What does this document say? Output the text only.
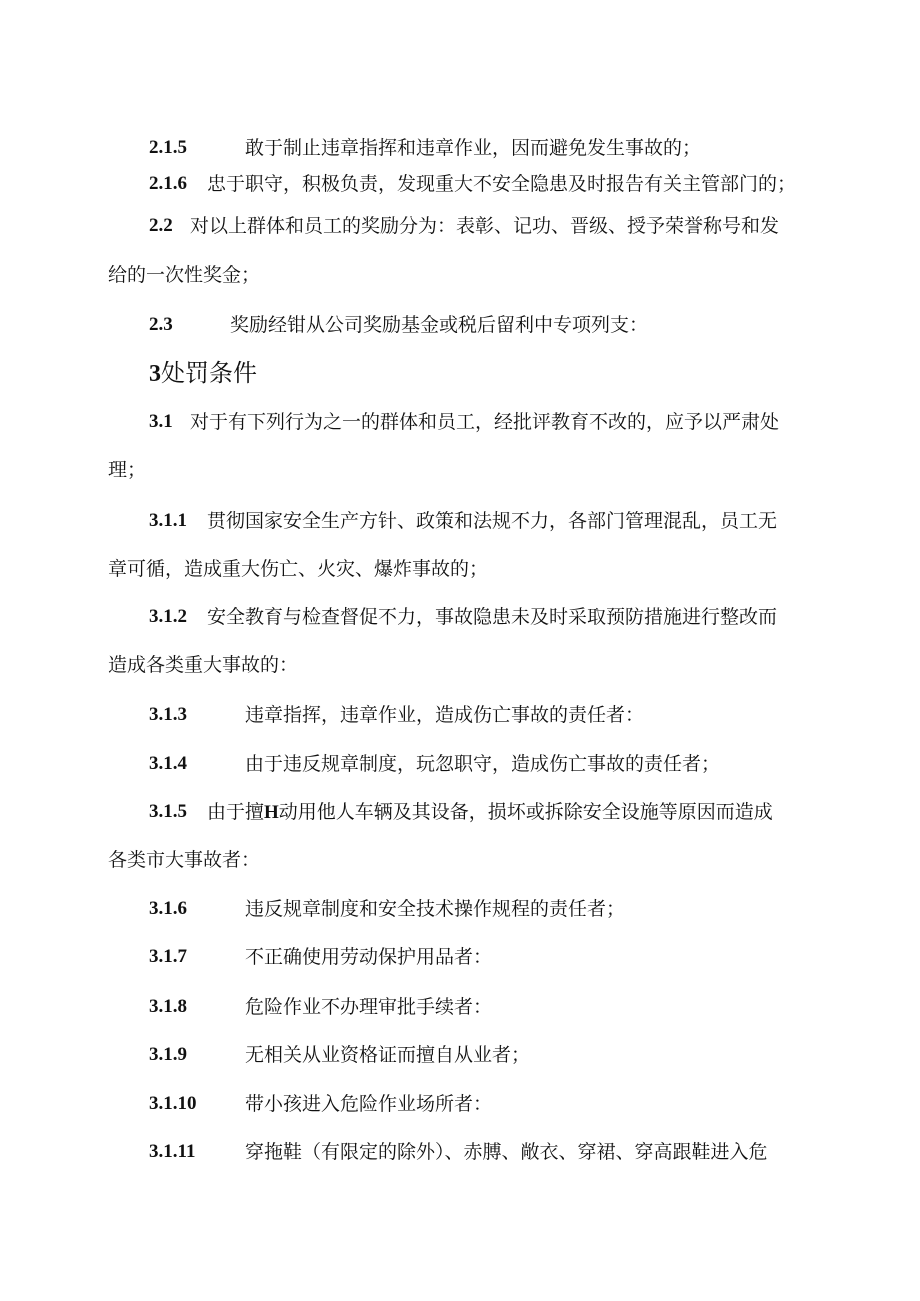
2.1.5	敢于制止违章指挥和违章作业，因而避免发生事故的；
2.1.6 忠于职守，积极负责，发现重大不安全隐患及时报告有关主管部门的；
2.2 对以上群体和员工的奖励分为：表彰、记功、晋级、授予荣誉称号和发
给的一次性奖金；
2.3	奖励经钳从公司奖励基金或税后留利中专项列支：
3处罚条件
3.1 对于有下列行为之一的群体和员工，经批评教育不改的，应予以严肃处
理；
3.1.1 贯彻国家安全生产方针、政策和法规不力，各部门管理混乱，员工无
章可循，造成重大伤亡、火灾、爆炸事故的；
3.1.2 安全教育与检查督促不力，事故隐患未及时采取预防措施进行整改而
造成各类重大事故的：
3.1.3	违章指挥，违章作业，造成伤亡事故的责任者：
3.1.4	由于违反规章制度，玩忽职守，造成伤亡事故的责任者；
3.1.5 由于擅H动用他人车辆及其设备，损坏或拆除安全设施等原因而造成
各类市大事故者：
3.1.6	违反规章制度和安全技术操作规程的责任者；
3.1.7	不正确使用劳动保护用品者：
3.1.8	危险作业不办理审批手续者：
3.1.9	无相关从业资格证而擅自从业者；
3.1.10	带小孩进入危险作业场所者：
3.1.11	穿拖鞋（有限定的除外）、赤膊、敞衣、穿裙、穿高跟鞋进入危
